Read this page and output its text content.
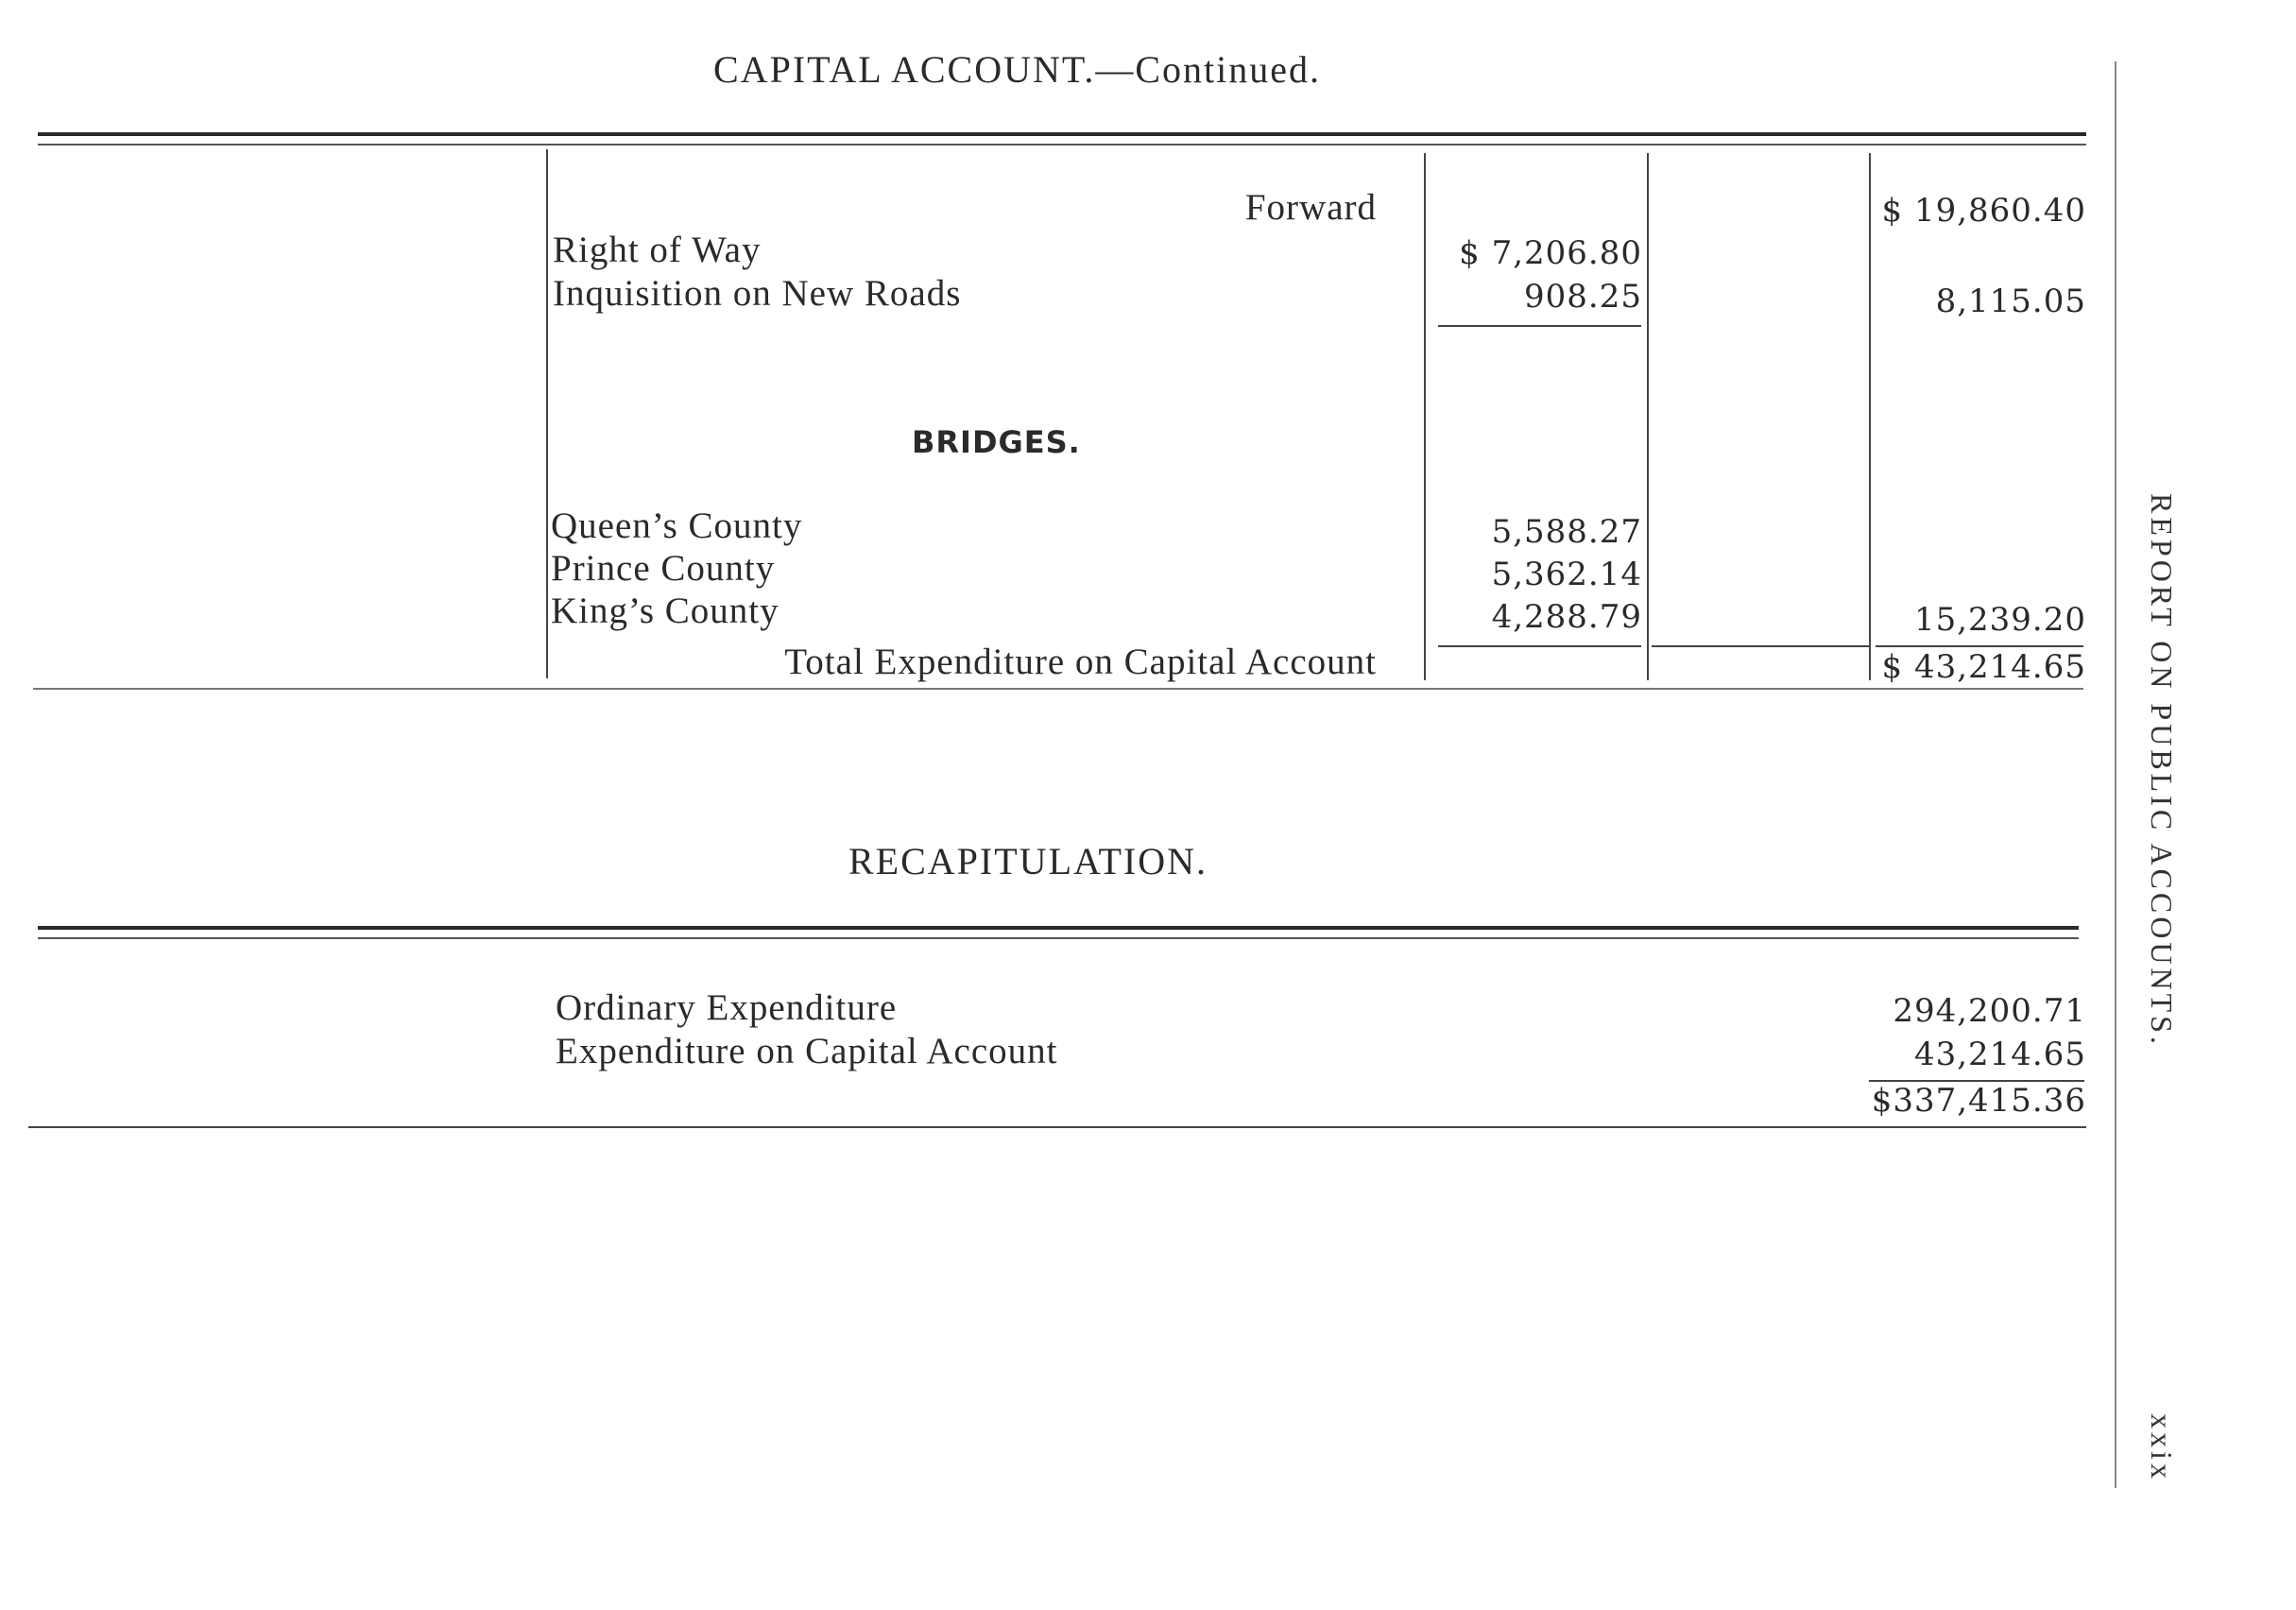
CAPITAL ACCOUNT.—Continued.
Forward	$ 19,860.40
Right of Way	$ 7,206.80
Inquisition on New Roads	908.25	8,115.05
BRIDGES.
Queen’s County	5,588.27
Prince County	5,362.14
King’s County	4,288.79	15,239.20
Total Expenditure on Capital Account	$ 43,214.65
RECAPITULATION.
Ordinary Expenditure	294,200.71
Expenditure on Capital Account	43,214.65
$337,415.36
REPORT ON PUBLIC ACCOUNTS.
xxix
